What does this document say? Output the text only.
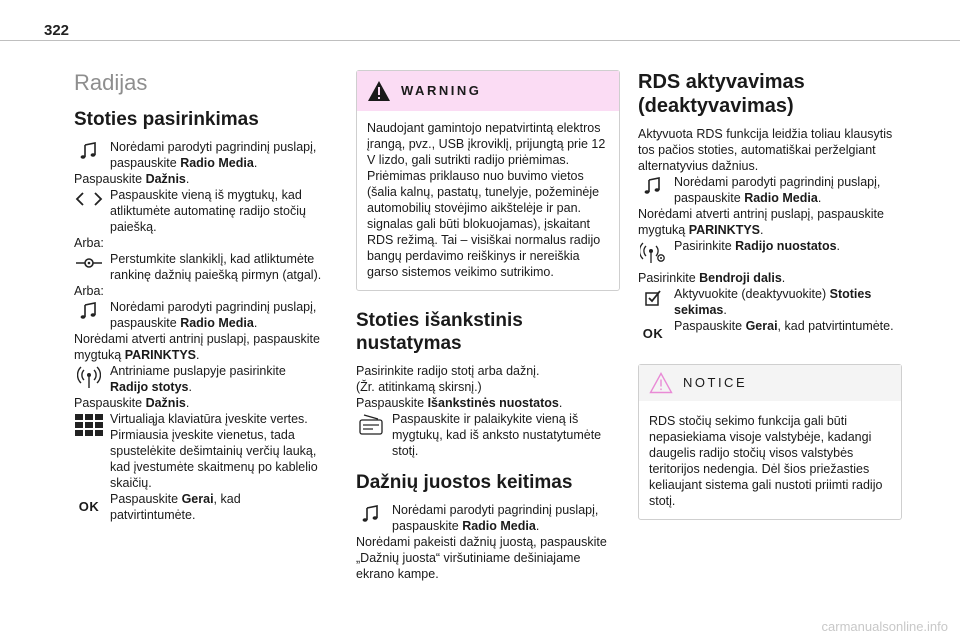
322
Radijas
Stoties pasirinkimas
Norėdami parodyti pagrindinį puslapį, paspauskite Radio Media.

Paspauskite Dažnis.

Paspauskite vieną iš mygtukų, kad atliktumėte automatinę radijo stočių paiešką.

Arba:

Perstumkite slankiklį, kad atliktumėte rankinę dažnių paiešką pirmyn (atgal).

Arba:

Norėdami parodyti pagrindinį puslapį, paspauskite Radio Media.

Norėdami atverti antrinį puslapį, paspauskite mygtuką PARINKTYS.

Antriniame puslapyje pasirinkite Radijo stotys.

Paspauskite Dažnis.

Virtualiąja klaviatūra įveskite vertes. Pirmiausia įveskite vienetus, tada spustelėkite dešimtainių verčių lauką, kad įvestumėte skaitmenų po kablelio skaičių.
OK Paspauskite Gerai, kad patvirtintumėte.
WARNING
Naudojant gamintojo nepatvirtintą elektros įrangą, pvz., USB įkroviklį, prijungtą prie 12 V lizdo, gali sutrikti radijo priėmimas.
Priėmimas priklauso nuo buvimo vietos (šalia kalnų, pastatų, tunelyje, požeminėje automobilių stovėjimo aikštelėje ir pan. signalas gali būti blokuojamas), įskaitant RDS režimą. Tai – visiškai normalus radijo bangų perdavimo reiškinys ir nereiškia garso sistemos veikimo sutrikimo.
Stoties išankstinis nustatymas

Pasirinkite radijo stotį arba dažnį.

(Žr. atitinkamą skirsnį.)

Paspauskite Išankstinės nuostatos.

Paspauskite ir palaikykite vieną iš mygtukų, kad iš anksto nustatytumėte stotį.
Dažnių juostos keitimas
Norėdami parodyti pagrindinį puslapį, paspauskite Radio Media.

Norėdami pakeisti dažnių juostą, paspauskite „Dažnių juosta“ viršutiniame dešiniajame ekrano kampe.

RDS aktyvavimas (deaktyvavimas)

Aktyvuota RDS funkcija leidžia toliau klausytis tos pačios stoties, automatiškai perželgiant alternatyvius dažnius.

Norėdami parodyti pagrindinį puslapį, paspauskite Radio Media.

Norėdami atverti antrinį puslapį, paspauskite mygtuką PARINKTYS.

Pasirinkite Radijo nuostatos.

Pasirinkite Bendroji dalis.

Aktyvuokite (deaktyvuokite) Stoties sekimas.
OK Paspauskite Gerai, kad patvirtintumėte.
NOTICE
RDS stočių sekimo funkcija gali būti nepasiekiama visoje valstybėje, kadangi daugelis radijo stočių visos valstybės teritorijos nedengia. Dėl šios priežasties keliaujant sistema gali nustoti priimti radijo stotį.
carmanualsonline.info
